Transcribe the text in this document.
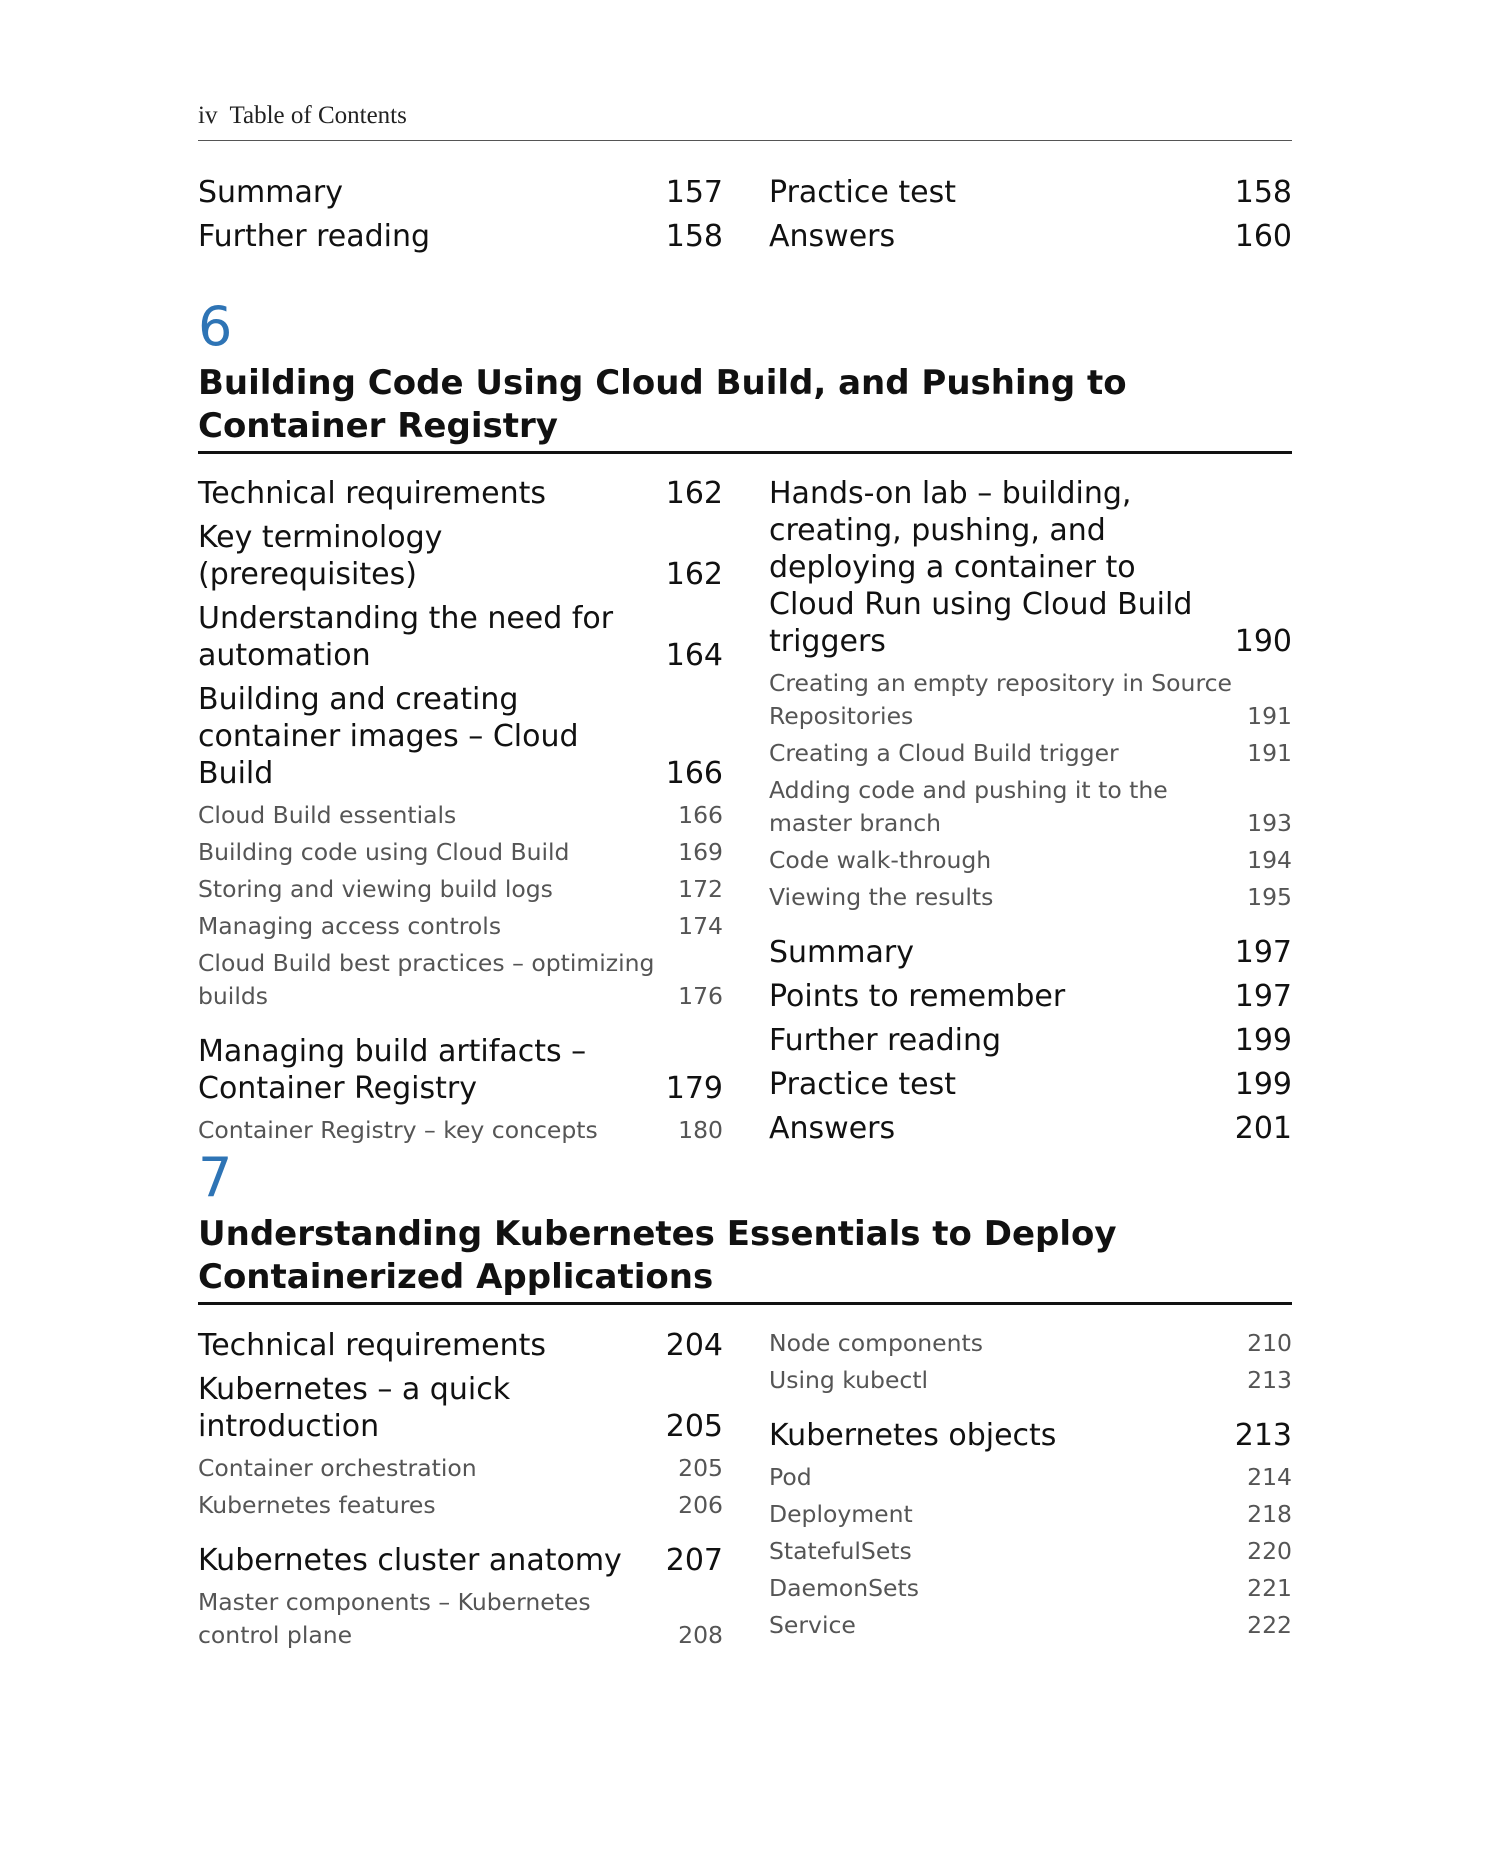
iv Table of Contents
Summary	157
Further reading	158
Practice test	158
Answers	160
6
Building Code Using Cloud Build, and Pushing to Container Registry
Technical requirements	162
Key terminology (prerequisites)	162
Understanding the need for automation	164
Building and creating container images – Cloud Build	166
Cloud Build essentials	166
Building code using Cloud Build	169
Storing and viewing build logs	172
Managing access controls	174
Cloud Build best practices – optimizing builds	176
Managing build artifacts – Container Registry	179
Container Registry – key concepts	180
Hands-on lab – building, creating, pushing, and deploying a container to Cloud Run using Cloud Build triggers	190
Creating an empty repository in Source Repositories	191
Creating a Cloud Build trigger	191
Adding code and pushing it to the master branch	193
Code walk-through	194
Viewing the results	195
Summary	197
Points to remember	197
Further reading	199
Practice test	199
Answers	201
7
Understanding Kubernetes Essentials to Deploy Containerized Applications
Technical requirements	204
Kubernetes – a quick introduction	205
Container orchestration	205
Kubernetes features	206
Kubernetes cluster anatomy	207
Master components – Kubernetes control plane	208
Node components	210
Using kubectl	213
Kubernetes objects	213
Pod	214
Deployment	218
StatefulSets	220
DaemonSets	221
Service	222
